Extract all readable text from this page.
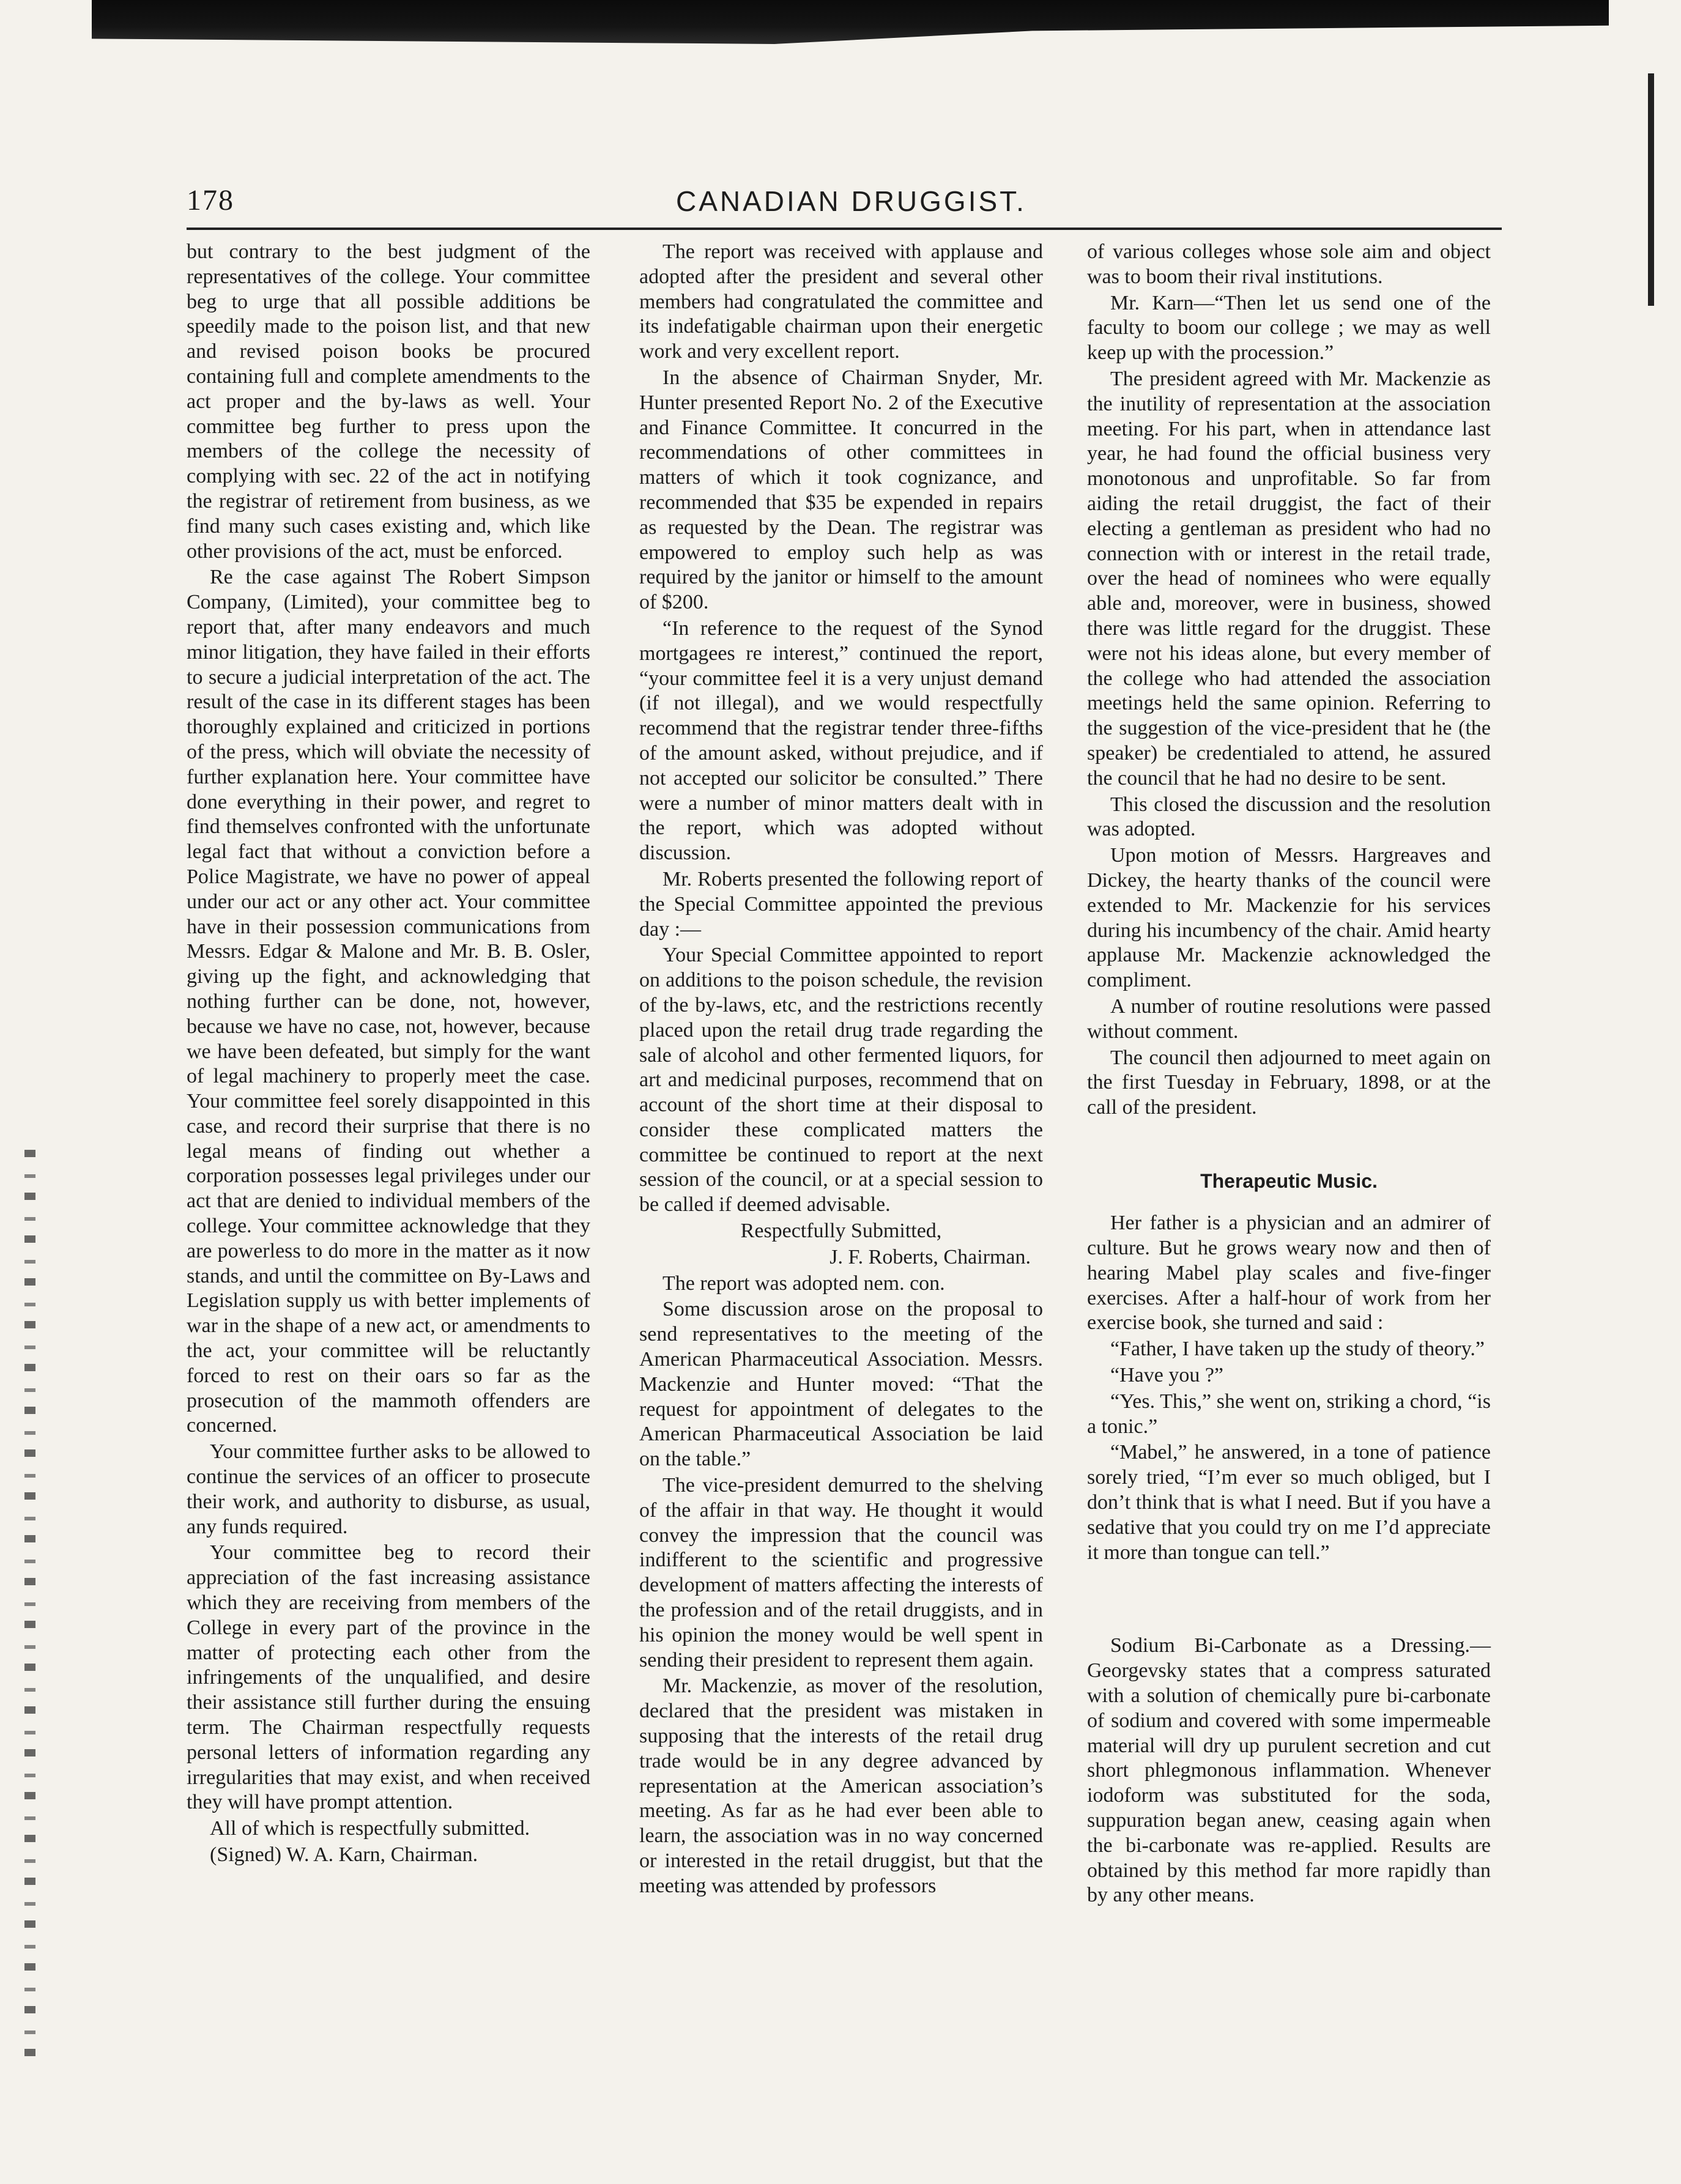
178	CANADIAN DRUGGIST.

but contrary to the best judgment of the representatives of the college. Your committee beg to urge that all possible additions be speedily made to the poison list, and that new and revised poison books be procured containing full and complete amendments to the act proper and the by-laws as well. Your committee beg further to press upon the members of the college the necessity of complying with sec. 22 of the act in notifying the registrar of retirement from business, as we find many such cases existing and, which like other provisions of the act, must be enforced.

Re the case against The Robert Simpson Company, (Limited), your committee beg to report that, after many endeavors and much minor litigation, they have failed in their efforts to secure a judicial interpretation of the act. The result of the case in its different stages has been thoroughly explained and criticized in portions of the press, which will obviate the necessity of further explanation here. Your committee have done everything in their power, and regret to find themselves confronted with the unfortunate legal fact that without a conviction before a Police Magistrate, we have no power of appeal under our act or any other act. Your committee have in their possession communications from Messrs. Edgar & Malone and Mr. B. B. Osler, giving up the fight, and acknowledging that nothing further can be done, not, however, because we have no case, not, however, because we have been defeated, but simply for the want of legal machinery to properly meet the case. Your committee feel sorely disappointed in this case, and record their surprise that there is no legal means of finding out whether a corporation possesses legal privileges under our act that are denied to individual members of the college. Your committee acknowledge that they are powerless to do more in the matter as it now stands, and until the committee on By-Laws and Legislation supply us with better implements of war in the shape of a new act, or amendments to the act, your committee will be reluctantly forced to rest on their oars so far as the prosecution of the mammoth offenders are concerned.

Your committee further asks to be allowed to continue the services of an officer to prosecute their work, and authority to disburse, as usual, any funds required.

Your committee beg to record their appreciation of the fast increasing assistance which they are receiving from members of the College in every part of the province in the matter of protecting each other from the infringements of the unqualified, and desire their assistance still further during the ensuing term. The Chairman respectfully requests personal letters of information regarding any irregularities that may exist, and when received they will have prompt attention.

All of which is respectfully submitted.

(Signed) W. A. Karn, Chairman.

The report was received with applause and adopted after the president and several other members had congratulated the committee and its indefatigable chairman upon their energetic work and very excellent report.

In the absence of Chairman Snyder, Mr. Hunter presented Report No. 2 of the Executive and Finance Committee. It concurred in the recommendations of other committees in matters of which it took cognizance, and recommended that $35 be expended in repairs as requested by the Dean. The registrar was empowered to employ such help as was required by the janitor or himself to the amount of $200.

“In reference to the request of the Synod mortgagees re interest,” continued the report, “your committee feel it is a very unjust demand (if not illegal), and we would respectfully recommend that the registrar tender three-fifths of the amount asked, without prejudice, and if not accepted our solicitor be consulted.” There were a number of minor matters dealt with in the report, which was adopted without discussion.

Mr. Roberts presented the following report of the Special Committee appointed the previous day :—

Your Special Committee appointed to report on additions to the poison schedule, the revision of the by-laws, etc, and the restrictions recently placed upon the retail drug trade regarding the sale of alcohol and other fermented liquors, for art and medicinal purposes, recommend that on account of the short time at their disposal to consider these complicated matters the committee be continued to report at the next session of the council, or at a special session to be called if deemed advisable.

Respectfully Submitted,

J. F. Roberts, Chairman.

The report was adopted nem. con.

Some discussion arose on the proposal to send representatives to the meeting of the American Pharmaceutical Association. Messrs. Mackenzie and Hunter moved: “That the request for appointment of delegates to the American Pharmaceutical Association be laid on the table.”

The vice-president demurred to the shelving of the affair in that way. He thought it would convey the impression that the council was indifferent to the scientific and progressive development of matters affecting the interests of the profession and of the retail druggists, and in his opinion the money would be well spent in sending their president to represent them again.

Mr. Mackenzie, as mover of the resolution, declared that the president was mistaken in supposing that the interests of the retail drug trade would be in any degree advanced by representation at the American association’s meeting. As far as he had ever been able to learn, the association was in no way concerned or interested in the retail druggist, but that the meeting was attended by professors

of various colleges whose sole aim and object was to boom their rival institutions.

Mr. Karn—“Then let us send one of the faculty to boom our college ; we may as well keep up with the procession.”

The president agreed with Mr. Mackenzie as the inutility of representation at the association meeting. For his part, when in attendance last year, he had found the official business very monotonous and unprofitable. So far from aiding the retail druggist, the fact of their electing a gentleman as president who had no connection with or interest in the retail trade, over the head of nominees who were equally able and, moreover, were in business, showed there was little regard for the druggist. These were not his ideas alone, but every member of the college who had attended the association meetings held the same opinion. Referring to the suggestion of the vice-president that he (the speaker) be credentialed to attend, he assured the council that he had no desire to be sent.

This closed the discussion and the resolution was adopted.

Upon motion of Messrs. Hargreaves and Dickey, the hearty thanks of the council were extended to Mr. Mackenzie for his services during his incumbency of the chair. Amid hearty applause Mr. Mackenzie acknowledged the compliment.

A number of routine resolutions were passed without comment.

The council then adjourned to meet again on the first Tuesday in February, 1898, or at the call of the president.

Therapeutic Music.

Her father is a physician and an admirer of culture. But he grows weary now and then of hearing Mabel play scales and five-finger exercises. After a half-hour of work from her exercise book, she turned and said :

“Father, I have taken up the study of theory.”

“Have you ?”

“Yes. This,” she went on, striking a chord, “is a tonic.”

“Mabel,” he answered, in a tone of patience sorely tried, “I’m ever so much obliged, but I don’t think that is what I need. But if you have a sedative that you could try on me I’d appreciate it more than tongue can tell.”

Sodium Bi-Carbonate as a Dressing.—Georgevsky states that a compress saturated with a solution of chemically pure bi-carbonate of sodium and covered with some impermeable material will dry up purulent secretion and cut short phlegmonous inflammation. Whenever iodoform was substituted for the soda, suppuration began anew, ceasing again when the bi-carbonate was re-applied. Results are obtained by this method far more rapidly than by any other means.
